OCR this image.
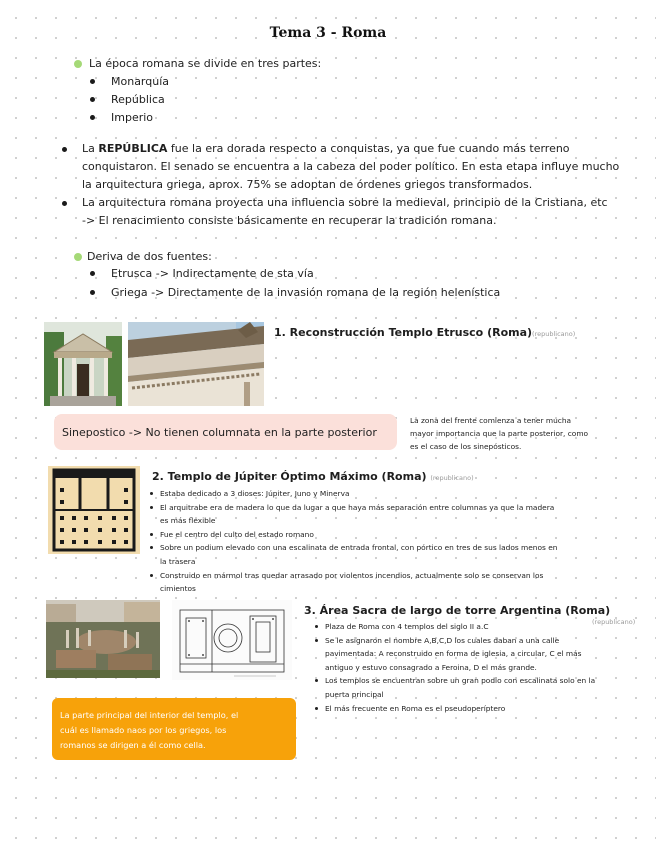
Tema 3 - Roma
La época romana se divide en tres partes:
Monarquía
República
Imperio
La REPÚBLICA fue la era dorada respecto a conquistas, ya que fue cuando más terreno
conquistaron. El senado se encuentra a la cabeza del poder político. En esta etapa influye mucho
la arquitectura griega, aprox. 75% se adoptan de órdenes griegos transformados.
La arquitectura romana proyecta una influencia sobre la medieval, principio de la Cristiana, etc
-> El renacimiento consiste básicamente en recuperar la tradición romana.
Deriva de dos fuentes:
Etrusca -> Indirectamente de sta vía
Griega -> Directamente de la invasión romana de la región helenística
1. Reconstrucción Templo Etrusco (Roma)(republicano)
Sinepostico -> No tienen columnata en la parte posterior
La zona del frente comienza a tener mucha
mayor importancia que la parte posterior, como
es el caso de los sinepósticos.
2. Templo de Júpiter Óptimo Máximo (Roma) (republicano)
Estaba dedicado a 3 dioses: Júpiter, Juno y Minerva
El arquitrabe era de madera lo que da lugar a que haya más separación entre columnas ya que la madera
es más flexible
Fue el centro del culto del estado romano
Sobre un podium elevado con una escalinata de entrada frontal, con pórtico en tres de sus lados menos en
la trasera
Construido en mármol tras quedar arrasado por violentos incendios, actualmente solo se conservan los
cimientos
3. Área Sacra de largo de torre Argentina (Roma)
(republicano)
Plaza de Roma con 4 templos del siglo II a.C
Se le asignaron el nombre A,B,C,D los cuales daban a una calle
pavimentada: A reconstruido en forma de iglesia, a circular, C el más
antiguo y estuvo consagrado a Feroina, D el más grande.
Los templos se encuentran sobre un gran podio con escalinata solo en la
puerta principal
El más frecuente en Roma es el pseudoperíptero
La parte principal del interior del templo, el
cuál es llamado naos por los griegos, los
romanos se dirigen a él como cella.
